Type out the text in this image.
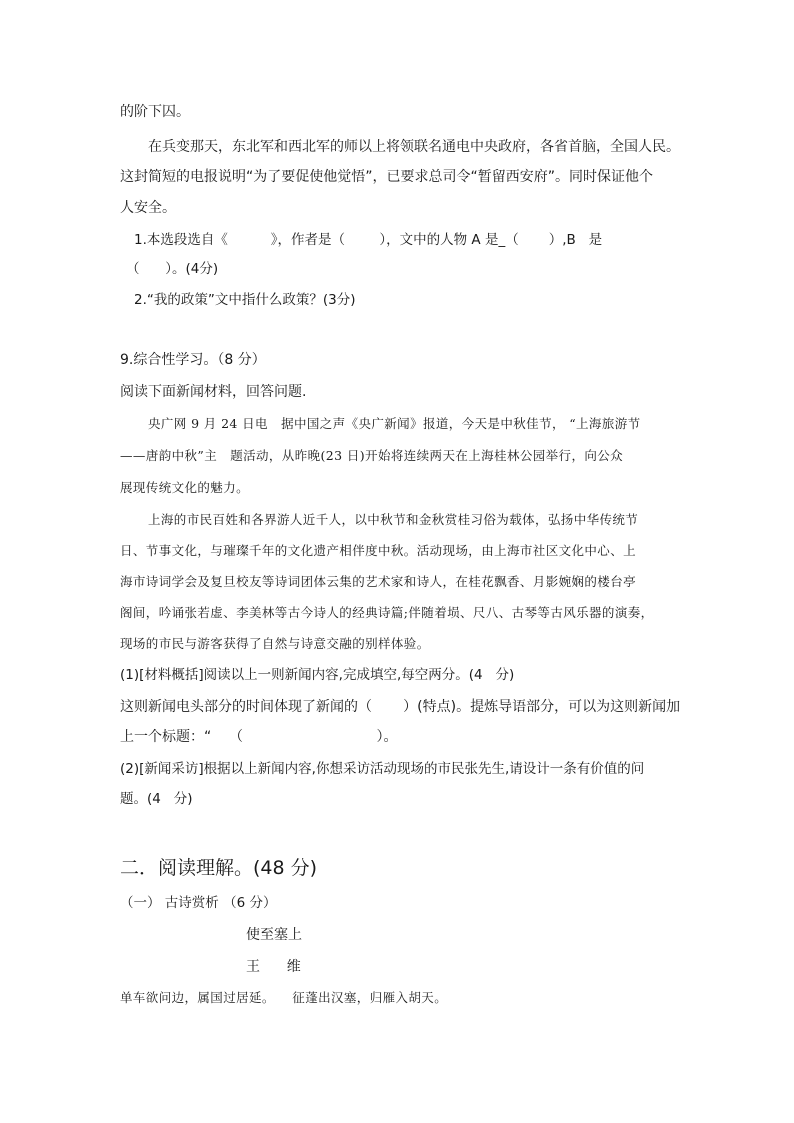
的阶下囚。

在兵变那天，东北军和西北军的师以上将领联名通电中央政府，各省首脑，全国人民。

这封简短的电报说明“为了要促使他觉悟”，已要求总司令“暂留西安府”。同时保证他个

人安全。

1.本选段选自《          》，作者是（        ），文中的人物 A 是_（       ）,B   是

（      ）。(4分)

2.“我的政策”文中指什么政策？(3分)

9.综合性学习。（8 分）

阅读下面新闻材料，回答问题.

央广网 9 月 24 日电   据中国之声《央广新闻》报道，今天是中秋佳节， “上海旅游节

——唐韵中秋”主   题活动，从昨晚(23 日)开始将连续两天在上海桂林公园举行，向公众

展现传统文化的魅力。

上海的市民百姓和各界游人近千人，以中秋节和金秋赏桂习俗为载体，弘扬中华传统节

日、节事文化，与璀璨千年的文化遗产相伴度中秋。活动现场，由上海市社区文化中心、上

海市诗词学会及复旦校友等诗词团体云集的艺术家和诗人，在桂花飘香、月影婉娴的楼台亭

阁间，吟诵张若虚、李美林等古今诗人的经典诗篇;伴随着埙、尺八、古琴等古风乐器的演奏，

现场的市民与游客获得了自然与诗意交融的别样体验。

(1)[材料概括]阅读以上一则新闻内容,完成填空,每空两分。(4   分)

这则新闻电头部分的时间体现了新闻的（       ）(特点)。提炼导语部分，可以为这则新闻加

上一个标题：“    （                              ）。

(2)[新闻采访]根据以上新闻内容,你想采访活动现场的市民张先生,请设计一条有价值的问

题。(4   分)

二．阅读理解。(48 分)

（一） 古诗赏析 （6 分）

使至塞上

王      维

单车欲问边，属国过居延。    征蓬出汉塞，归雁入胡天。
